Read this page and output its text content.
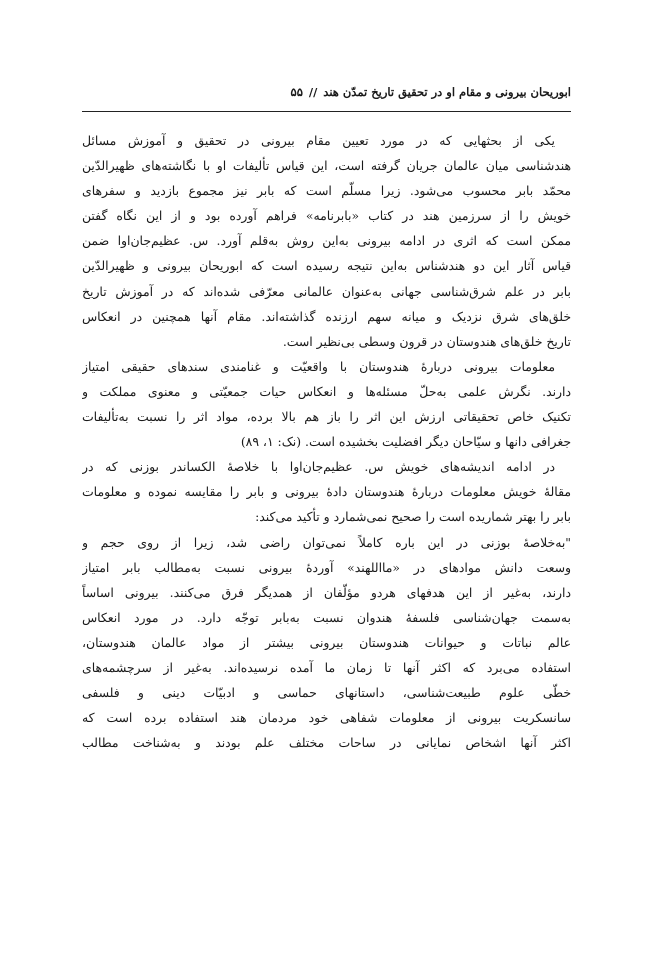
ابوریحان بیرونی و مقام او در تحقیق تاریخ تمدّن هند
//
۵۵
یکی از بحثهایی که در مورد تعیین مقام بیرونی در تحقیق و آموزش مسائل
هندشناسی میان عالمان جریان گرفته است، این قیاس تألیفات او با نگاشته‌های ظهیرالدّین
محمّد بابر محسوب می‌شود. زیرا مسلّم است که بابر نیز مجموع بازدید و سفرهای
خویش را از سرزمین هند در کتاب «بابرنامه» فراهم آورده بود و از این نگاه گفتن
ممکن است که اثری در ادامه بیرونی به‌این روش به‌قلم آورد. س. عظیم‌جان‌اوا ضمن
قیاس آثار این دو هندشناس به‌این نتیجه رسیده است که ابوریحان بیرونی و ظهیرالدّین
بابر در علم شرق‌شناسی جهانی به‌عنوان عالمانی معرّفی شده‌اند که در آموزش تاریخ
خلق‌های شرق نزدیک و میانه سهم ارزنده گذاشته‌اند. مقام آنها همچنین در انعکاس
تاریخ خلق‌های هندوستان در قرون وسطی بی‌نظیر است.
معلومات بیرونی دربارهٔ هندوستان با واقعیّت و غنامندی سندهای حقیقی امتیاز
دارند. نگرش علمی به‌حلّ مسئله‌ها و انعکاس حیات جمعیّتی و معنوی مملکت و
تکنیک خاص تحقیقاتی ارزش این اثر را باز هم بالا برده، مواد اثر را نسبت به‌تألیفات
جغرافی دانها و سیّاحان دیگر افضلیت بخشیده است. (نک: ۱، ۸۹)
در ادامه اندیشه‌های خویش س. عظیم‌جان‌اوا با خلاصهٔ الکساندر بوزنی که در
مقالهٔ خویش معلومات دربارهٔ هندوستان دادهٔ بیرونی و بابر را مقایسه نموده و معلومات
بابر را بهتر شماریده است را صحیح نمی‌شمارد و تأکید می‌کند:
"به‌خلاصهٔ بوزنی در این باره کاملاً نمی‌توان راضی شد، زیرا از روی حجم و
وسعت دانش موادهای در «مااللهند» آوردهٔ بیرونی نسبت به‌مطالب بابر امتیاز
دارند، به‌غیر از این هدفهای هردو مؤلّفان از همدیگر فرق می‌کنند. بیرونی اساساً
به‌سمت جهان‌شناسی فلسفهٔ هندوان نسبت به‌بابر توجّه دارد. در مورد انعکاس
عالم نباتات و حیوانات هندوستان بیرونی بیشتر از مواد عالمان هندوستان،
استفاده می‌برد که اکثر آنها تا زمان ما آمده نرسیده‌اند. به‌غیر از سرچشمه‌های
خطّی علوم طبیعت‌شناسی، داستانهای حماسی و ادبیّات دینی و فلسفی
سانسکریت بیرونی از معلومات شفاهی خود مردمان هند استفاده برده است که
اکثر آنها اشخاص نمایانی در ساحات مختلف علم بودند و به‌شناخت مطالب
